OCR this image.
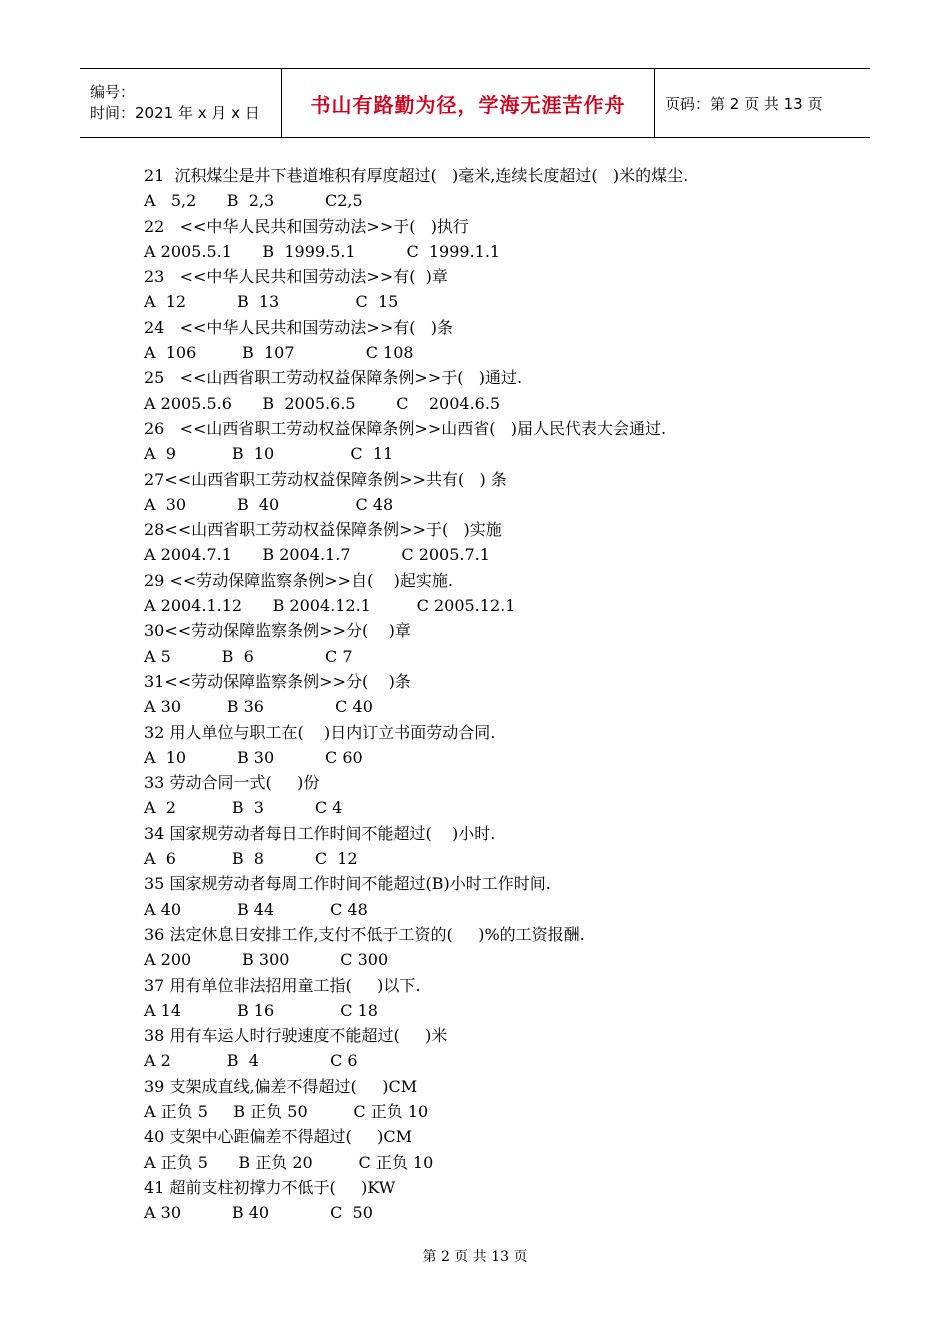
编号：
时间：2021 年 x 月 x 日	书山有路勤为径，学海无涯苦作舟	页码：第 2 页 共 13 页
21  沉积煤尘是井下巷道堆积有厚度超过(   )毫米,连续长度超过(   )米的煤尘.
A   5,2      B  2,3          C2,5
22   <<中华人民共和国劳动法>>于(   )执行
A 2005.5.1      B  1999.5.1          C  1999.1.1
23   <<中华人民共和国劳动法>>有(  )章
A  12          B  13               C  15
24   <<中华人民共和国劳动法>>有(   )条
A  106         B  107              C 108
25   <<山西省职工劳动权益保障条例>>于(   )通过.
A 2005.5.6      B  2005.6.5        C    2004.6.5
26   <<山西省职工劳动权益保障条例>>山西省(   )届人民代表大会通过.
A  9           B  10               C  11
27<<山西省职工劳动权益保障条例>>共有(   ) 条
A  30          B  40               C 48
28<<山西省职工劳动权益保障条例>>于(   )实施
A 2004.7.1      B 2004.1.7          C 2005.7.1
29 <<劳动保障监察条例>>自(    )起实施.
A 2004.1.12      B 2004.12.1         C 2005.12.1
30<<劳动保障监察条例>>分(    )章
A 5          B  6              C 7
31<<劳动保障监察条例>>分(    )条
A 30         B 36              C 40
32 用人单位与职工在(    )日内订立书面劳动合同.
A  10          B 30          C 60
33 劳动合同一式(     )份
A  2           B  3          C 4
34 国家规劳动者每日工作时间不能超过(    )小时.
A  6           B  8          C  12
35 国家规劳动者每周工作时间不能超过(B)小时工作时间.
A 40           B 44           C 48
36 法定休息日安排工作,支付不低于工资的(     )%的工资报酬.
A 200          B 300          C 300
37 用有单位非法招用童工指(     )以下.
A 14           B 16             C 18
38 用有车运人时行驶速度不能超过(     )米
A 2           B  4              C 6
39 支架成直线,偏差不得超过(     )CM
A 正负 5     B 正负 50         C 正负 10
40 支架中心距偏差不得超过(     )CM
A 正负 5      B 正负 20         C 正负 10
41 超前支柱初撑力不低于(     )KW
A 30          B 40            C  50
第 2 页 共 13 页
